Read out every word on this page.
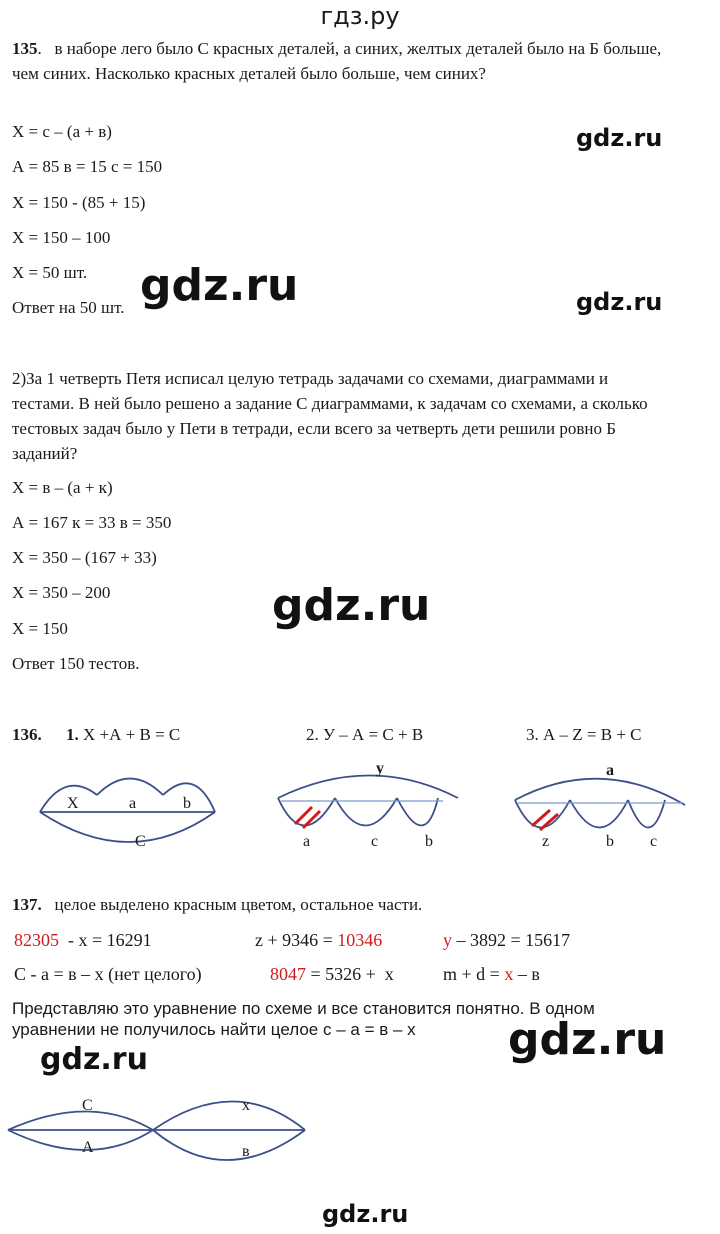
гдз.ру
135.   в наборе лего было С красных деталей, а синих, желтых деталей было на Б больше, чем синих. Насколько красных деталей было больше, чем синих?
Х = с – (а + в)
А = 85 в = 15 с = 150
Х = 150 - (85 + 15)
Х = 150 – 100
Х = 50 шт.
Ответ на 50 шт.
2)За 1 четверть Петя исписал целую тетрадь задачами со схемами, диаграммами и тестами. В ней было решено а задание С диаграммами, к задачам со схемами, а сколько тестовых задач было у Пети в тетради, если всего за четверть дети решили ровно Б заданий?
Х = в – (а + к)
А = 167 к = 33 в = 350
Х = 350 – (167 + 33)
Х = 350 – 200
Х = 150
Ответ 150 тестов.
136. 1. Х +А + В = С	2. У – А = С + В	3. А – Z = В + С
Х	а	b
С
у
а	с	b
а
z	b с
137. целое выделено красным цветом, остальное части.
82305  - х = 16291	z + 9346 = 10346	у – 3892 = 15617
С - а = в – х (нет целого)	8047 = 5326 +  х	m + d = х – в
Представляю это уравнение по схеме и все становится понятно. В одном уравнении не получилось найти целое с – а = в – х
С	х
А	в
gdz.ru
gdz.ru	gdz.ru
gdz.ru
gdz.ru
gdz.ru
gdz.ru
